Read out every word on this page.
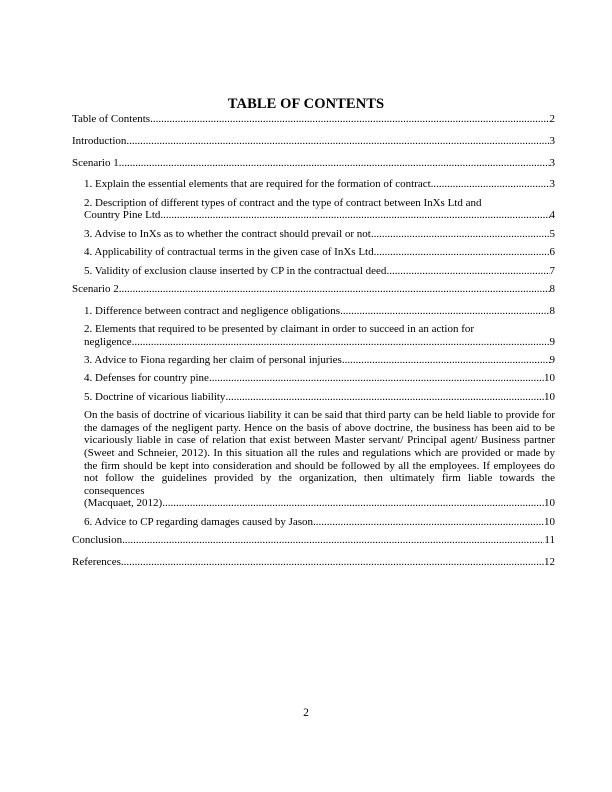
TABLE OF CONTENTS
Table of Contents .....	2
Introduction .....	3
Scenario 1 .....	3
1. Explain the essential elements that are required for the formation of contract .....	3
2. Description of different types of contract and the type of contract between InXs Ltd and
Country Pine Ltd .....	4
3. Advise to InXs as to whether the contract should prevail or not .....	5
4. Applicability of contractual terms in the given case of InXs Ltd .....	6
5. Validity of exclusion clause inserted by CP in the contractual deed .....	7
Scenario 2 .....	8
1. Difference between contract and negligence obligations .....	8
2. Elements that required to be presented by claimant in order to succeed in an action for
negligence .....	9
3. Advice to Fiona regarding her claim of personal injuries .....	9
4. Defenses for country pine .....	10
5. Doctrine of vicarious liability .....	10
On the basis of doctrine of vicarious liability it can be said that third party can be held liable to provide for the damages of the negligent party. Hence on the basis of above doctrine, the business has been aid to be vicariously liable in case of relation that exist between Master servant/ Principal agent/ Business partner (Sweet and Schneier, 2012). In this situation all the rules and regulations which are provided or made by the firm should be kept into consideration and should be followed by all the employees. If employees do not follow the guidelines provided by the organization, then ultimately firm liable towards the consequences
(Macquaet, 2012) .....	10
6. Advice to CP regarding damages caused by Jason .....	10
Conclusion .....	11
References .....	12
2
